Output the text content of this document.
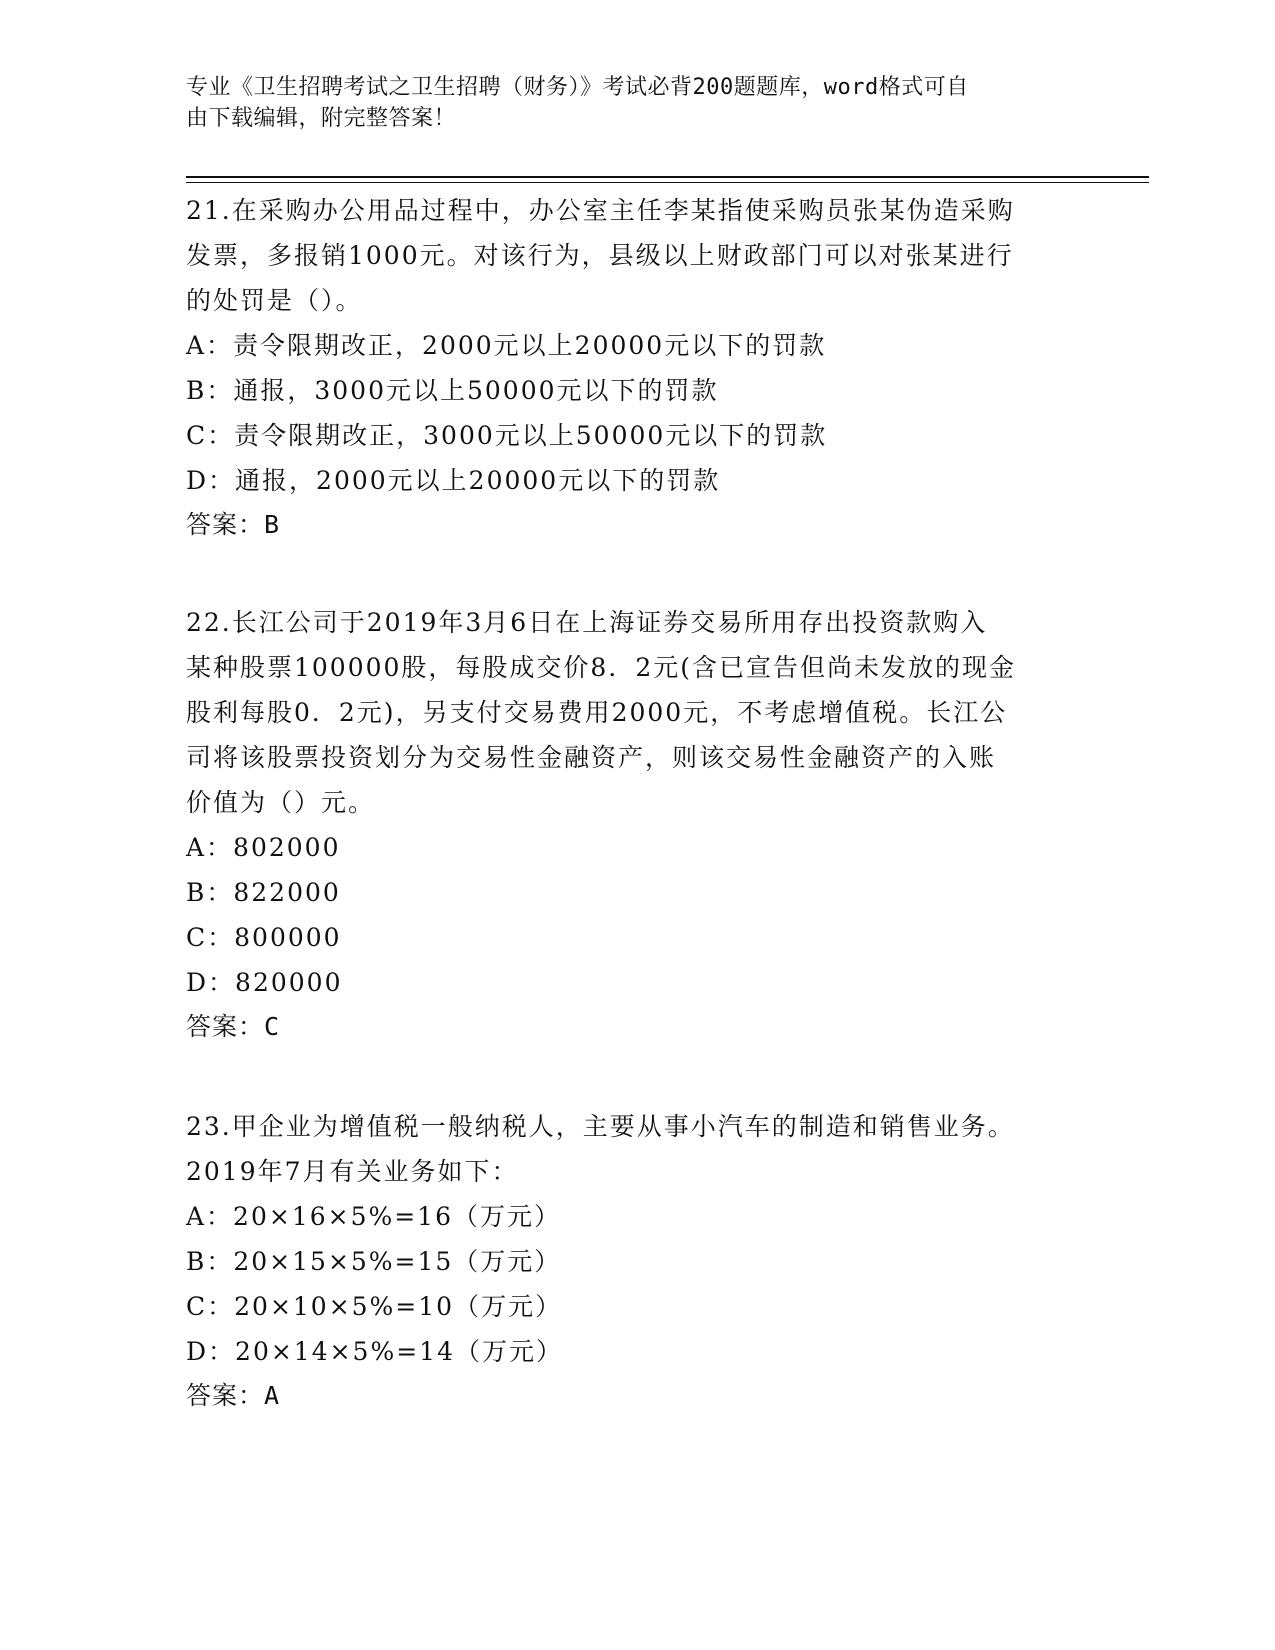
专业《卫生招聘考试之卫生招聘（财务）》考试必背200题题库，word格式可自
由下载编辑，附完整答案！
21.在采购办公用品过程中，办公室主任李某指使采购员张某伪造采购
发票，多报销1000元。对该行为，县级以上财政部门可以对张某进行
的处罚是（）。
A：责令限期改正，2000元以上20000元以下的罚款
B：通报，3000元以上50000元以下的罚款
C：责令限期改正，3000元以上50000元以下的罚款
D：通报，2000元以上20000元以下的罚款
答案：B
22.长江公司于2019年3月6日在上海证券交易所用存出投资款购入
某种股票100000股，每股成交价8．2元(含已宣告但尚未发放的现金
股利每股0．2元)，另支付交易费用2000元，不考虑增值税。长江公
司将该股票投资划分为交易性金融资产，则该交易性金融资产的入账
价值为（）元。
A：802000
B：822000
C：800000
D：820000
答案：C
23.甲企业为增值税一般纳税人，主要从事小汽车的制造和销售业务。
2019年7月有关业务如下：
A：20×16×5%=16（万元）
B：20×15×5%=15（万元）
C：20×10×5%=10（万元）
D：20×14×5%=14（万元）
答案：A
